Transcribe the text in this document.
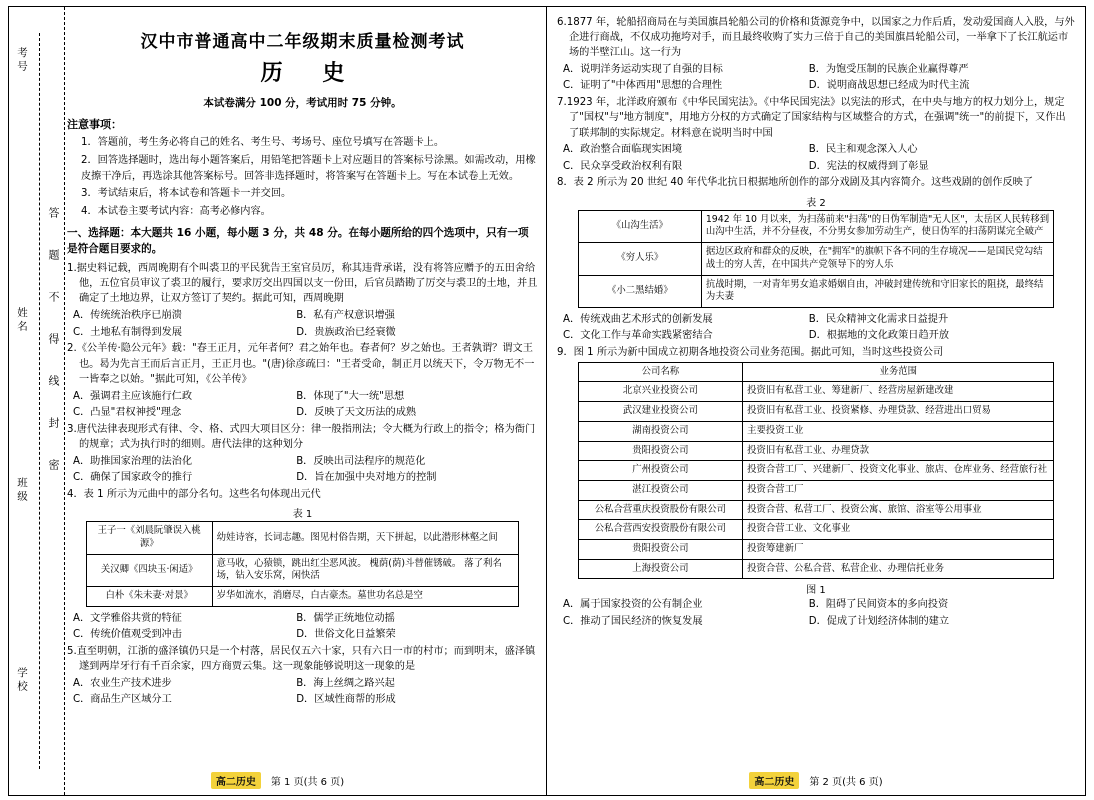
考号
姓名
班级
学校
答 题 不 得 线 封 密
汉中市普通高中二年级期末质量检测考试
历 史
本试卷满分 100 分，考试用时 75 分钟。
注意事项：
1．答题前，考生务必将自己的姓名、考生号、考场号、座位号填写在答题卡上。
2．回答选择题时，选出每小题答案后，用铅笔把答题卡上对应题目的答案标号涂黑。如需改动，用橡皮擦干净后，再选涂其他答案标号。回答非选择题时，将答案写在答题卡上。写在本试卷上无效。
3．考试结束后，将本试卷和答题卡一并交回。
4．本试卷主要考试内容：高考必修内容。
一、选择题：本大题共 16 小题，每小题 3 分，共 48 分。在每小题所给的四个选项中，只有一项是符合题目要求的。
1.据史料记载，西周晚期有个叫裘卫的平民犹告王室官员厉，称其违背承诺，没有将答应赠予的五田舍给他，五位官员审议了裘卫的履行，要求厉交出四国以支一份田，后官员踏勘了厉交与裘卫的土地，并且确定了土地边界，让双方签订了契约。据此可知，西周晚期
A．传统统治秩序已崩溃	B．私有产权意识增强
C．土地私有制得到发展	D．贵族政治已经衰微
2.《公羊传·隐公元年》载："春王正月，元年者何？君之始年也。春者何？岁之始也。王者孰谓？谓文王也。曷为先言王而后言正月，王正月也。"(唐)徐彦疏曰："王者受命，制正月以统天下，令万物无不一一皆奉之以始。"据此可知，《公羊传》
A．强调君主应该施行仁政	B．体现了"大一统"思想
C．凸显"君权神授"理念	D．反映了天文历法的成熟
3.唐代法律表现形式有律、令、格、式四大项目区分：律一般指刑法；令大概为行政上的指令；格为衙门的规章；式为执行时的细则。唐代法律的这种划分
A．助推国家治理的法治化	B．反映出司法程序的规范化
C．确保了国家政令的推行	D．旨在加强中央对地方的控制
4．表 1 所示为元曲中的部分名句。这些名句体现出元代
表 1
王子一《刘晨阮肇误入桃源》	幼娃诗容，长词志趣。图见村俗告期，天下拼起，以此潜形林壑之间
关汉卿《四块玉·闲适》	意马收，心猿锁，跳出红尘恶风波。 槐荫(荫)斗替催锈破。 落了利名场，钻入安乐窝，闲快活
白朴《朱未妻·对景》	岁华如流水，消磨尽，白古豪杰。墓世功名总是空
A．文学雅俗共赏的特征	B．儒学正统地位动摇
C．传统价值观受到冲击	D．世俗文化日益繁荣
5.直至明朝，江浙的盛泽镇仍只是一个村落，居民仅五六十家，只有六日一市的村市；而到明末，盛泽镇遂到两岸牙行有千百余家，四方商贾云集。这一现象能够说明这一现象的是
A．农业生产技术进步	B．海上丝绸之路兴起
C．商品生产区域分工	D．区域性商帮的形成
高二历史	第 1 页(共 6 页)
6.1877 年，轮船招商局在与美国旗昌轮船公司的价格和货源竞争中，以国家之力作后盾，发动爱国商人入股，与外企进行商战，不仅成功拖垮对手，而且最终收购了实力三倍于自己的美国旗昌轮船公司，一举拿下了长江航运市场的半壁江山。这一行为
A．说明洋务运动实现了自强的目标	B．为饱受压制的民族企业赢得尊严
C．证明了"中体西用"思想的合理性	D．说明商战思想已经成为时代主流
7.1923 年，北洋政府颁布《中华民国宪法》。《中华民国宪法》以宪法的形式，在中央与地方的权力划分上，规定了"国权"与"地方制度"，用地方分权的方式确定了国家结构与区域整合的方式，在强调"统一"的前提下，又作出了联邦制的实际规定。材料意在说明当时中国
A．政治整合面临现实困境	B．民主和观念深入人心
C．民众享受政治权利有限	D．宪法的权威得到了彰显
8．表 2 所示为 20 世纪 40 年代华北抗日根据地所创作的部分戏剧及其内容简介。这些戏剧的创作反映了
表 2
《山沟生活》	1942 年 10 月以来，为扫荡前来"扫荡"的日伪军制造"无人区"，太岳区人民转移到山沟中生活，并不分昼夜，不分男女参加劳动生产，使日伪军的扫荡阴谋完全破产
《穷人乐》	据边区政府和群众的反映，在"拥军"的旗帜下各不同的生存境况——是国民党勾结战士的穷人苦，在中国共产党领导下的穷人乐
《小二黑结婚》	抗战时期，一对青年男女追求婚姻自由，冲破封建传统和守旧家长的阻挠，最终结为夫妻
A．传统戏曲艺术形式的创新发展	B．民众精神文化需求日益提升
C．文化工作与革命实践紧密结合	D．根据地的文化政策日趋开放
9．图 1 所示为新中国成立初期各地投资公司业务范围。据此可知，当时这些投资公司
公司名称	业务范围
北京兴业投资公司	投资旧有私营工业、筹建新厂、经营房屋新建改建
武汉建业投资公司	投资旧有私营工业、投资紧修、办理贷款、经营进出口贸易
湖南投资公司	主要投资工业
贵阳投资公司	投资旧有私营工业、办理贷款
广州投资公司	投资合营工厂、兴建新厂、投资文化事业、旅店、仓库业务、经营旅行社
湛江投资公司	投资合营工厂
公私合营重庆投资股份有限公司	投资合营、私营工厂、投资公寓、旅馆、浴室等公用事业
公私合营西安投资股份有限公司	投资合营工业、文化事业
贵阳投资公司	投资筹建新厂
上海投资公司	投资合营、公私合营、私营企业、办理信托业务
图 1
A．属于国家投资的公有制企业	B．阻碍了民间资本的多向投资
C．推动了国民经济的恢复发展	D．促成了计划经济体制的建立
高二历史	第 2 页(共 6 页)
